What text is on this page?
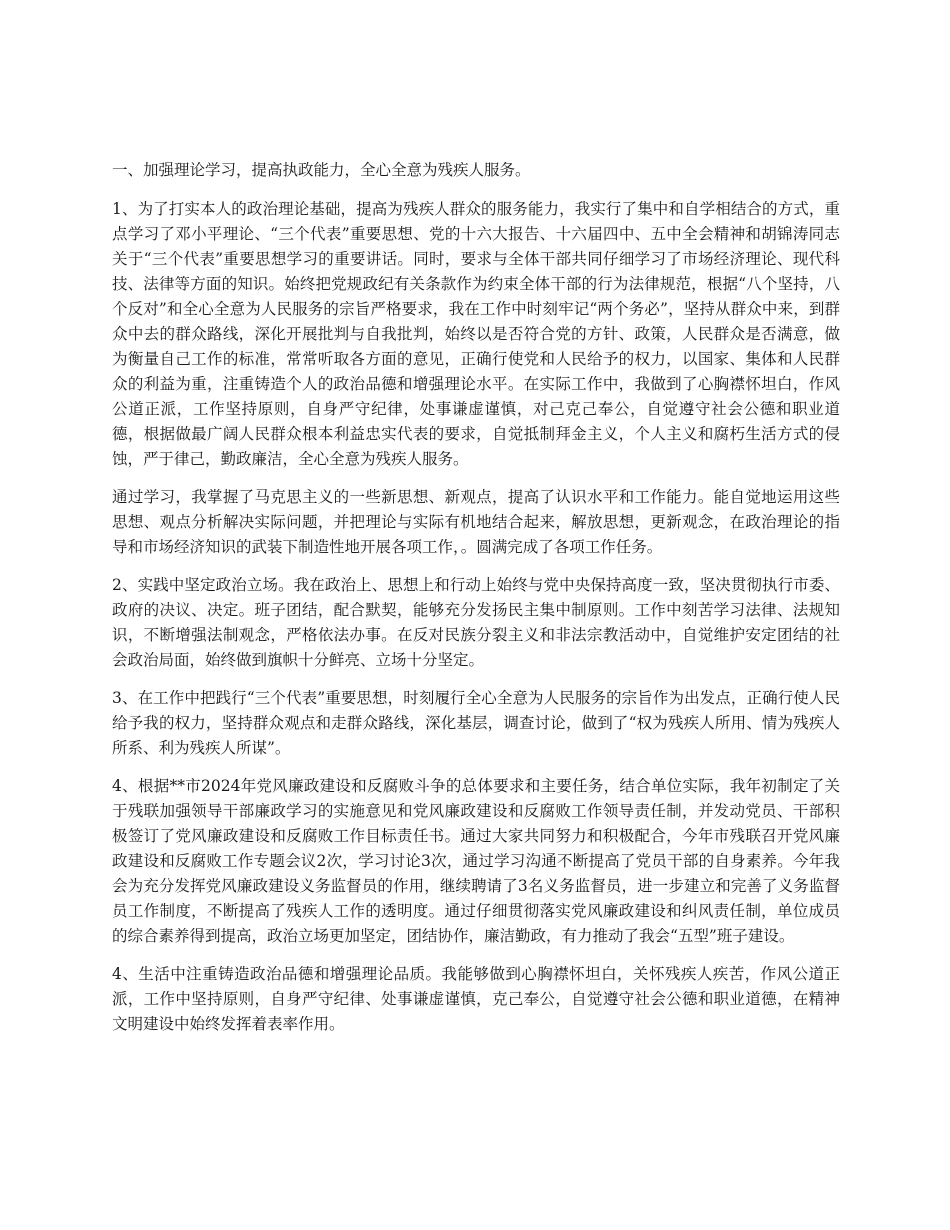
一、加强理论学习，提高执政能力，全心全意为残疾人服务。

1、为了打实本人的政治理论基础，提高为残疾人群众的服务能力，我实行了集中和自学相结合的方式，重点学习了邓小平理论、“三个代表”重要思想、党的十六大报告、十六届四中、五中全会精神和胡锦涛同志关于“三个代表”重要思想学习的重要讲话。同时，要求与全体干部共同仔细学习了市场经济理论、现代科技、法律等方面的知识。始终把党规政纪有关条款作为约束全体干部的行为法律规范，根据“八个坚持，八个反对”和全心全意为人民服务的宗旨严格要求，我在工作中时刻牢记“两个务必”，坚持从群众中来，到群众中去的群众路线，深化开展批判与自我批判，始终以是否符合党的方针、政策，人民群众是否满意，做为衡量自己工作的标准，常常听取各方面的意见，正确行使党和人民给予的权力，以国家、集体和人民群众的利益为重，注重铸造个人的政治品德和增强理论水平。在实际工作中，我做到了心胸襟怀坦白，作风公道正派，工作坚持原则，自身严守纪律，处事谦虚谨慎，对己克己奉公，自觉遵守社会公德和职业道德，根据做最广阔人民群众根本利益忠实代表的要求，自觉抵制拜金主义，个人主义和腐朽生活方式的侵蚀，严于律己，勤政廉洁，全心全意为残疾人服务。

通过学习，我掌握了马克思主义的一些新思想、新观点，提高了认识水平和工作能力。能自觉地运用这些思想、观点分析解决实际问题，并把理论与实际有机地结合起来，解放思想，更新观念，在政治理论的指导和市场经济知识的武装下制造性地开展各项工作，。圆满完成了各项工作任务。

2、实践中坚定政治立场。我在政治上、思想上和行动上始终与党中央保持高度一致，坚决贯彻执行市委、政府的决议、决定。班子团结，配合默契，能够充分发扬民主集中制原则。工作中刻苦学习法律、法规知识，不断增强法制观念，严格依法办事。在反对民族分裂主义和非法宗教活动中，自觉维护安定团结的社会政治局面，始终做到旗帜十分鲜亮、立场十分坚定。

3、在工作中把践行“三个代表”重要思想，时刻履行全心全意为人民服务的宗旨作为出发点，正确行使人民给予我的权力，坚持群众观点和走群众路线，深化基层，调查讨论，做到了“权为残疾人所用、情为残疾人所系、利为残疾人所谋”。

4、根据**市2024年党风廉政建设和反腐败斗争的总体要求和主要任务，结合单位实际，我年初制定了关于残联加强领导干部廉政学习的实施意见和党风廉政建设和反腐败工作领导责任制，并发动党员、干部积极签订了党风廉政建设和反腐败工作目标责任书。通过大家共同努力和积极配合，今年市残联召开党风廉政建设和反腐败工作专题会议2次，学习讨论3次，通过学习沟通不断提高了党员干部的自身素养。今年我会为充分发挥党风廉政建设义务监督员的作用，继续聘请了3名义务监督员，进一步建立和完善了义务监督员工作制度，不断提高了残疾人工作的透明度。通过仔细贯彻落实党风廉政建设和纠风责任制，单位成员的综合素养得到提高，政治立场更加坚定，团结协作，廉洁勤政，有力推动了我会“五型”班子建设。

4、生活中注重铸造政治品德和增强理论品质。我能够做到心胸襟怀坦白，关怀残疾人疾苦，作风公道正派，工作中坚持原则，自身严守纪律、处事谦虚谨慎，克己奉公，自觉遵守社会公德和职业道德，在精神文明建设中始终发挥着表率作用。
